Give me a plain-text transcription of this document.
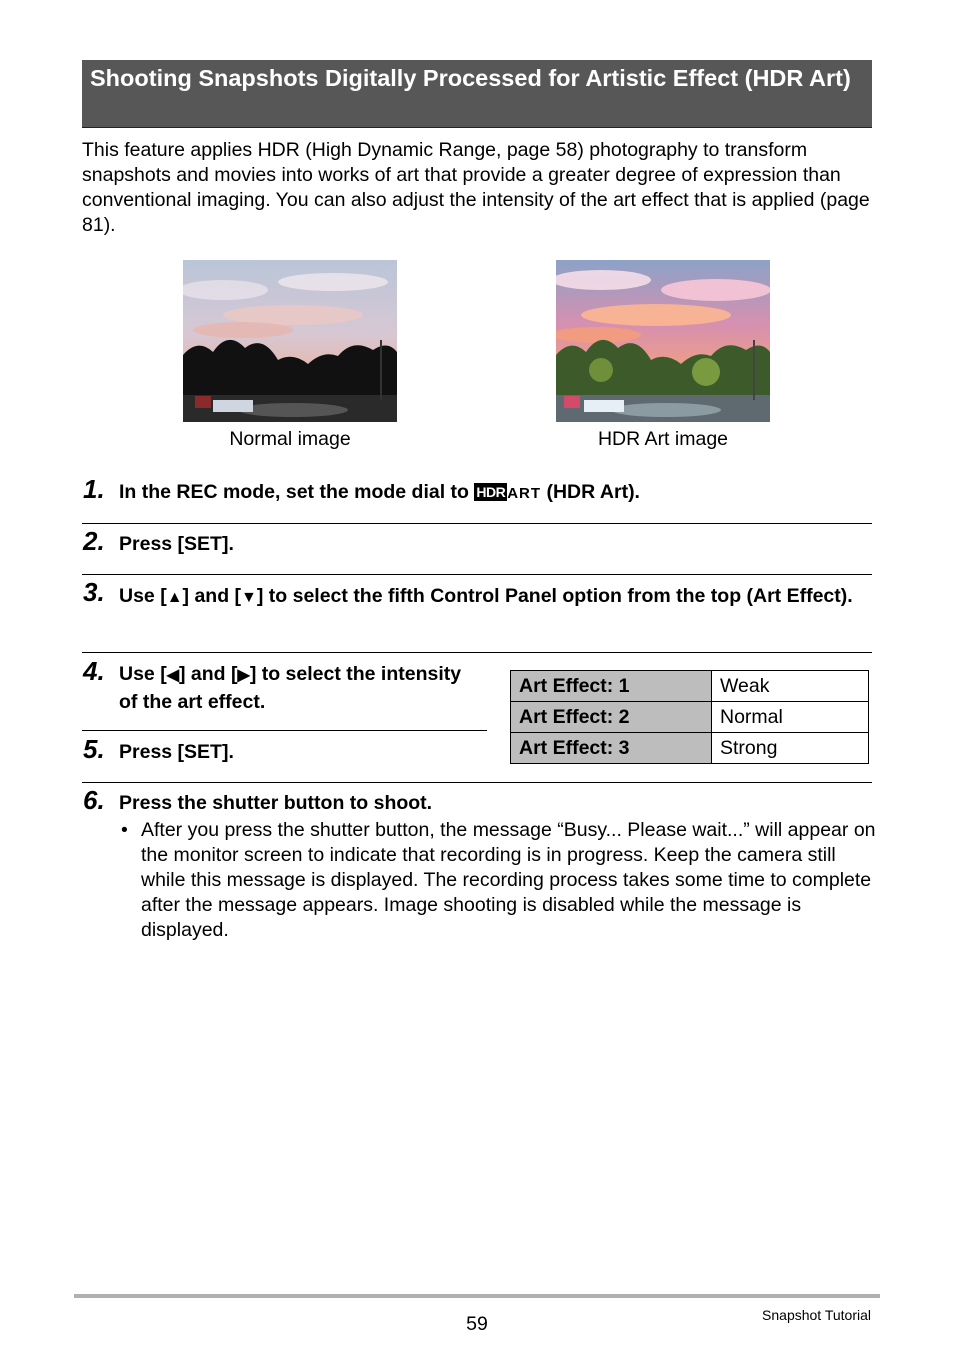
Shooting Snapshots Digitally Processed for Artistic Effect (HDR Art)

This feature applies HDR (High Dynamic Range, page 58) photography to transform snapshots and movies into works of art that provide a greater degree of expression than conventional imaging. You can also adjust the intensity of the art effect that is applied (page 81).

Normal image	HDR Art image
1. In the REC mode, set the mode dial to HDR ART (HDR Art).

2. Press [SET].

3. Use [▲] and [▼] to select the fifth Control Panel option from the top (Art Effect).

4. Use [◀] and [▶] to select the intensity of the art effect.

Art Effect: 1	Weak
Art Effect: 2	Normal
Art Effect: 3	Strong
5. Press [SET].

6. Press the shutter button to shoot.

• After you press the shutter button, the message “Busy... Please wait...” will appear on the monitor screen to indicate that recording is in progress. Keep the camera still while this message is displayed. The recording process takes some time to complete after the message appears. Image shooting is disabled while the message is displayed.
59	Snapshot Tutorial
